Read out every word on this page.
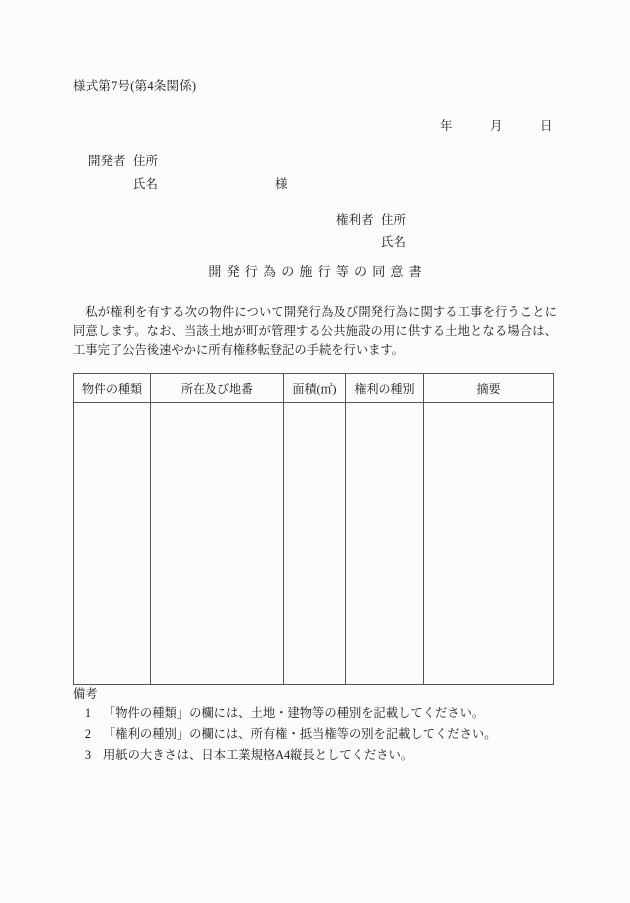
様式第7号(第4条関係)
年　　　月　　　日
開発者 住所
氏名	様
権利者 住所
氏名
開発行為の施行等の同意書
私が権利を有する次の物件について開発行為及び開発行為に関する工事を行うことに同意します。なお、当該土地が町が管理する公共施設の用に供する土地となる場合は、工事完了公告後速やかに所有権移転登記の手続を行います。
物件の種類	所在及び地番	面積(㎡)	権利の種別	摘要

備考
1 「物件の種類」の欄には、土地・建物等の種別を記載してください。
2 「権利の種別」の欄には、所有権・抵当権等の別を記載してください。
3 用紙の大きさは、日本工業規格A4縦長としてください。
